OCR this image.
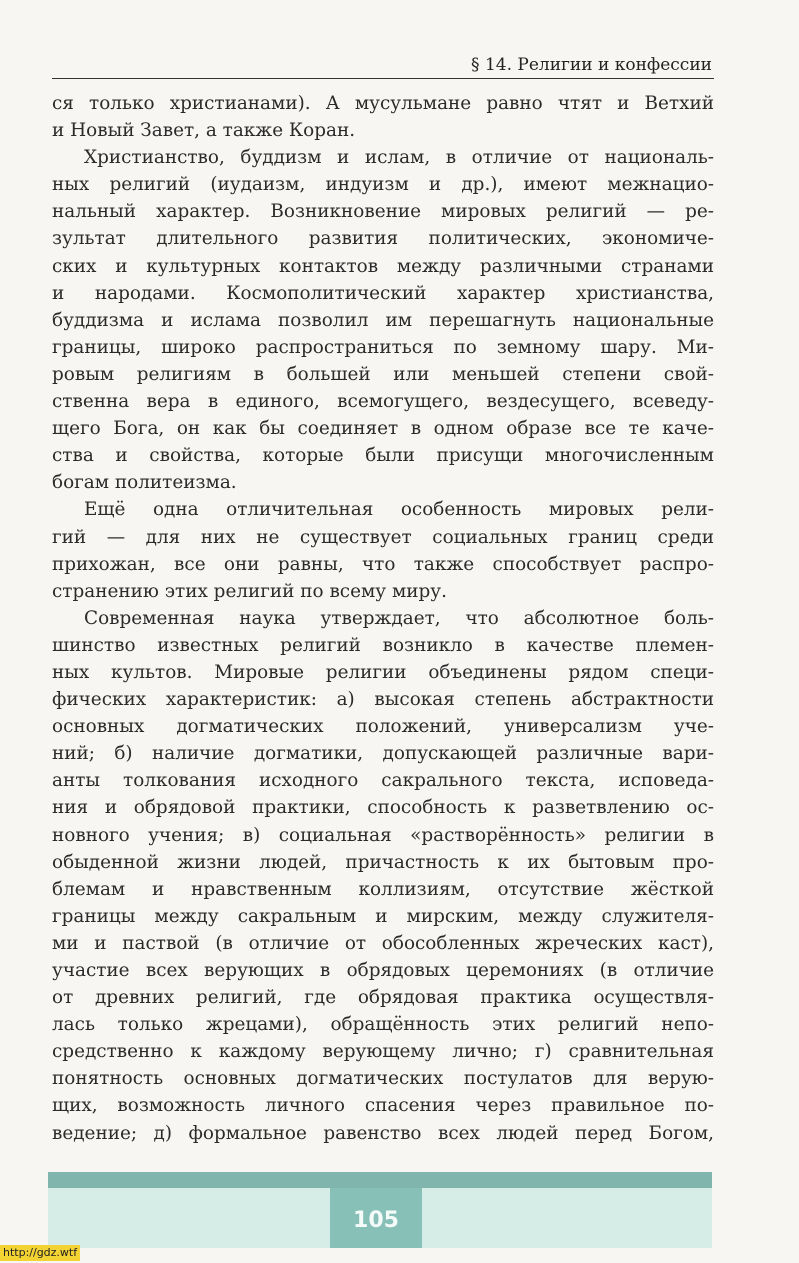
§ 14. Религии и конфессии
ся только христианами). А мусульмане равно чтят и Ветхий
и Новый Завет, а также Коран.
Христианство, буддизм и ислам, в отличие от националь-
ных религий (иудаизм, индуизм и др.), имеют межнацио-
нальный характер. Возникновение мировых религий — ре-
зультат длительного развития политических, экономиче-
ских и культурных контактов между различными странами
и народами. Космополитический характер христианства,
буддизма и ислама позволил им перешагнуть национальные
границы, широко распространиться по земному шару. Ми-
ровым религиям в большей или меньшей степени свой-
ственна вера в единого, всемогущего, вездесущего, всеведу-
щего Бога, он как бы соединяет в одном образе все те каче-
ства и свойства, которые были присущи многочисленным
богам политеизма.
Ещё одна отличительная особенность мировых рели-
гий — для них не существует социальных границ среди
прихожан, все они равны, что также способствует распро-
странению этих религий по всему миру.
Современная наука утверждает, что абсолютное боль-
шинство известных религий возникло в качестве племен-
ных культов. Мировые религии объединены рядом специ-
фических характеристик: а) высокая степень абстрактности
основных догматических положений, универсализм уче-
ний; б) наличие догматики, допускающей различные вари-
анты толкования исходного сакрального текста, исповеда-
ния и обрядовой практики, способность к разветвлению ос-
новного учения; в) социальная «растворённость» религии в
обыденной жизни людей, причастность к их бытовым про-
блемам и нравственным коллизиям, отсутствие жёсткой
границы между сакральным и мирским, между служителя-
ми и паствой (в отличие от обособленных жреческих каст),
участие всех верующих в обрядовых церемониях (в отличие
от древних религий, где обрядовая практика осуществля-
лась только жрецами), обращённость этих религий непо-
средственно к каждому верующему лично; г) сравнительная
понятность основных догматических постулатов для верую-
щих, возможность личного спасения через правильное по-
ведение; д) формальное равенство всех людей перед Богом,
105
http://gdz.wtf
